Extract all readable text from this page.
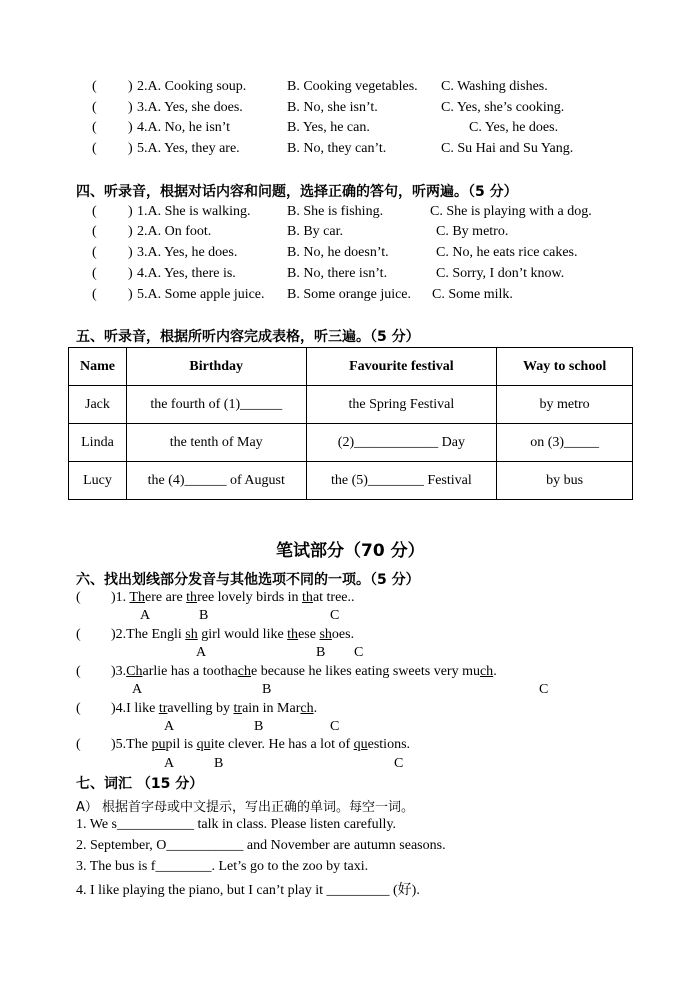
( ) 2.A. Cooking soup.	B. Cooking vegetables. C. Washing dishes.
( ) 3.A. Yes, she does.	B. No, she isn’t.	C. Yes, she’s cooking.
( ) 4.A. No, he isn’t	B. Yes, he can.	C. Yes, he does.
( ) 5.A. Yes, they are.	B. No, they can’t.	C. Su Hai and Su Yang.
四、听录音，根据对话内容和问题，选择正确的答句，听两遍。（5 分）
( ) 1.A. She is walking.	B. She is fishing.	C. She is playing with a dog.
( ) 2.A. On foot.	B. By car.	C. By metro.
( ) 3.A. Yes, he does.	B. No, he doesn’t.	C. No, he eats rice cakes.
( ) 4.A. Yes, there is.	B. No, there isn’t.	C. Sorry, I don’t know.
( ) 5.A. Some apple juice. B. Some orange juice. C. Some milk.
五、听录音，根据所听内容完成表格，听三遍。（5 分）
Name	Birthday	Favourite festival	Way to school
Jack	the fourth of (1)______	the Spring Festival	by metro
Linda	the tenth of May	(2)____________ Day	on (3)_____
Lucy	the (4)______ of August	the (5)________ Festival	by bus
笔试部分（70 分）
六、找出划线部分发音与其他选项不同的一项。（5 分）
( )1. There are three lovely birds in that tree..
A	B	C
( )2.The Engli sh girl would like these shoes.
A	B C
( )3.Charlie has a toothаche because he likes eating sweets very much.
A	B	C
( )4.I like travelling by train in March.
A	B	C
( )5.The pupil is quite clever. He has a lot of questions.
A	B	C
七、词汇 （15 分）
A） 根据首字母或中文提示，写出正确的单词。每空一词。
1. We s___________ talk in class. Please listen carefully.
2. September, O___________ and November are autumn seasons.
3. The bus is f________. Let’s go to the zoo by taxi.
4. I like playing the piano, but I can’t play it _________ (好).
